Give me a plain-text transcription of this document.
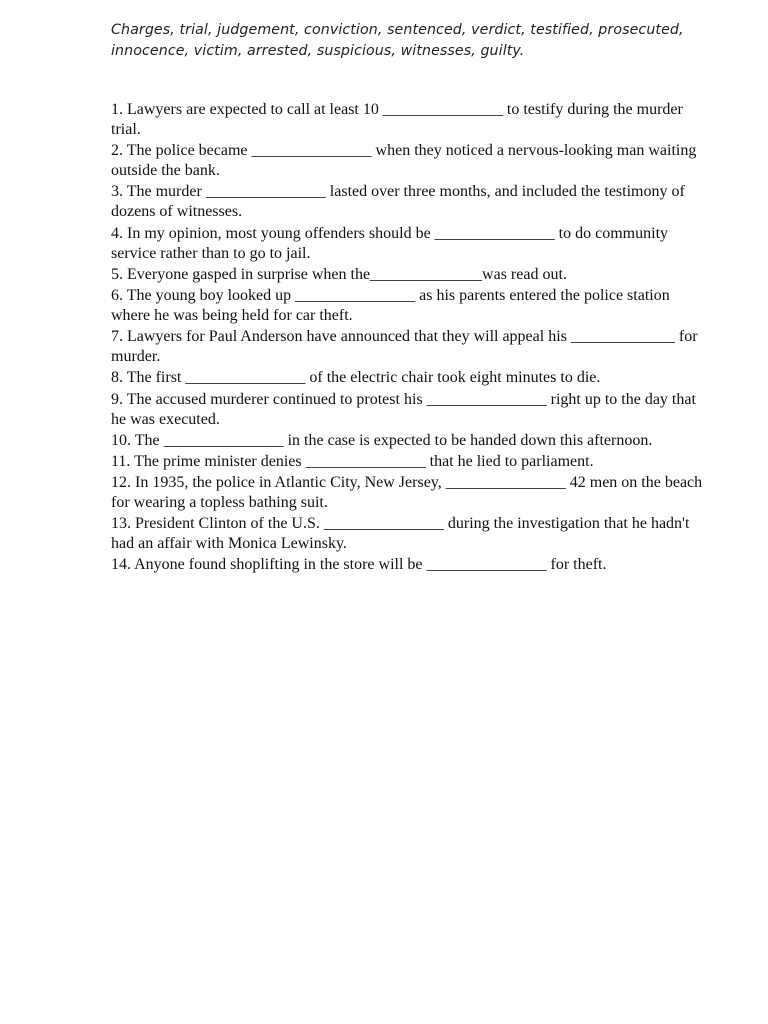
Charges, trial, judgement, conviction, sentenced, verdict, testified, prosecuted, innocence, victim, arrested, suspicious, witnesses, guilty.
1. Lawyers are expected to call at least 10 _______________ to testify during the murder trial.
2. The police became _______________ when they noticed a nervous-looking man waiting outside the bank.
3. The murder _______________ lasted over three months, and included the testimony of dozens of witnesses.
4. In my opinion, most young offenders should be _______________ to do community service rather than to go to jail.
5. Everyone gasped in surprise when the______________was read out.
6. The young boy looked up _______________ as his parents entered the police station where he was being held for car theft.
7. Lawyers for Paul Anderson have announced that they will appeal his _____________ for murder.
8. The first _______________ of the electric chair took eight minutes to die.
9. The accused murderer continued to protest his _______________ right up to the day that he was executed.
10. The _______________ in the case is expected to be handed down this afternoon.
11. The prime minister denies _______________ that he lied to parliament.
12. In 1935, the police in Atlantic City, New Jersey, _______________ 42 men on the beach for wearing a topless bathing suit.
13. President Clinton of the U.S. _______________ during the investigation that he hadn't had an affair with Monica Lewinsky.
14. Anyone found shoplifting in the store will be _______________ for theft.
